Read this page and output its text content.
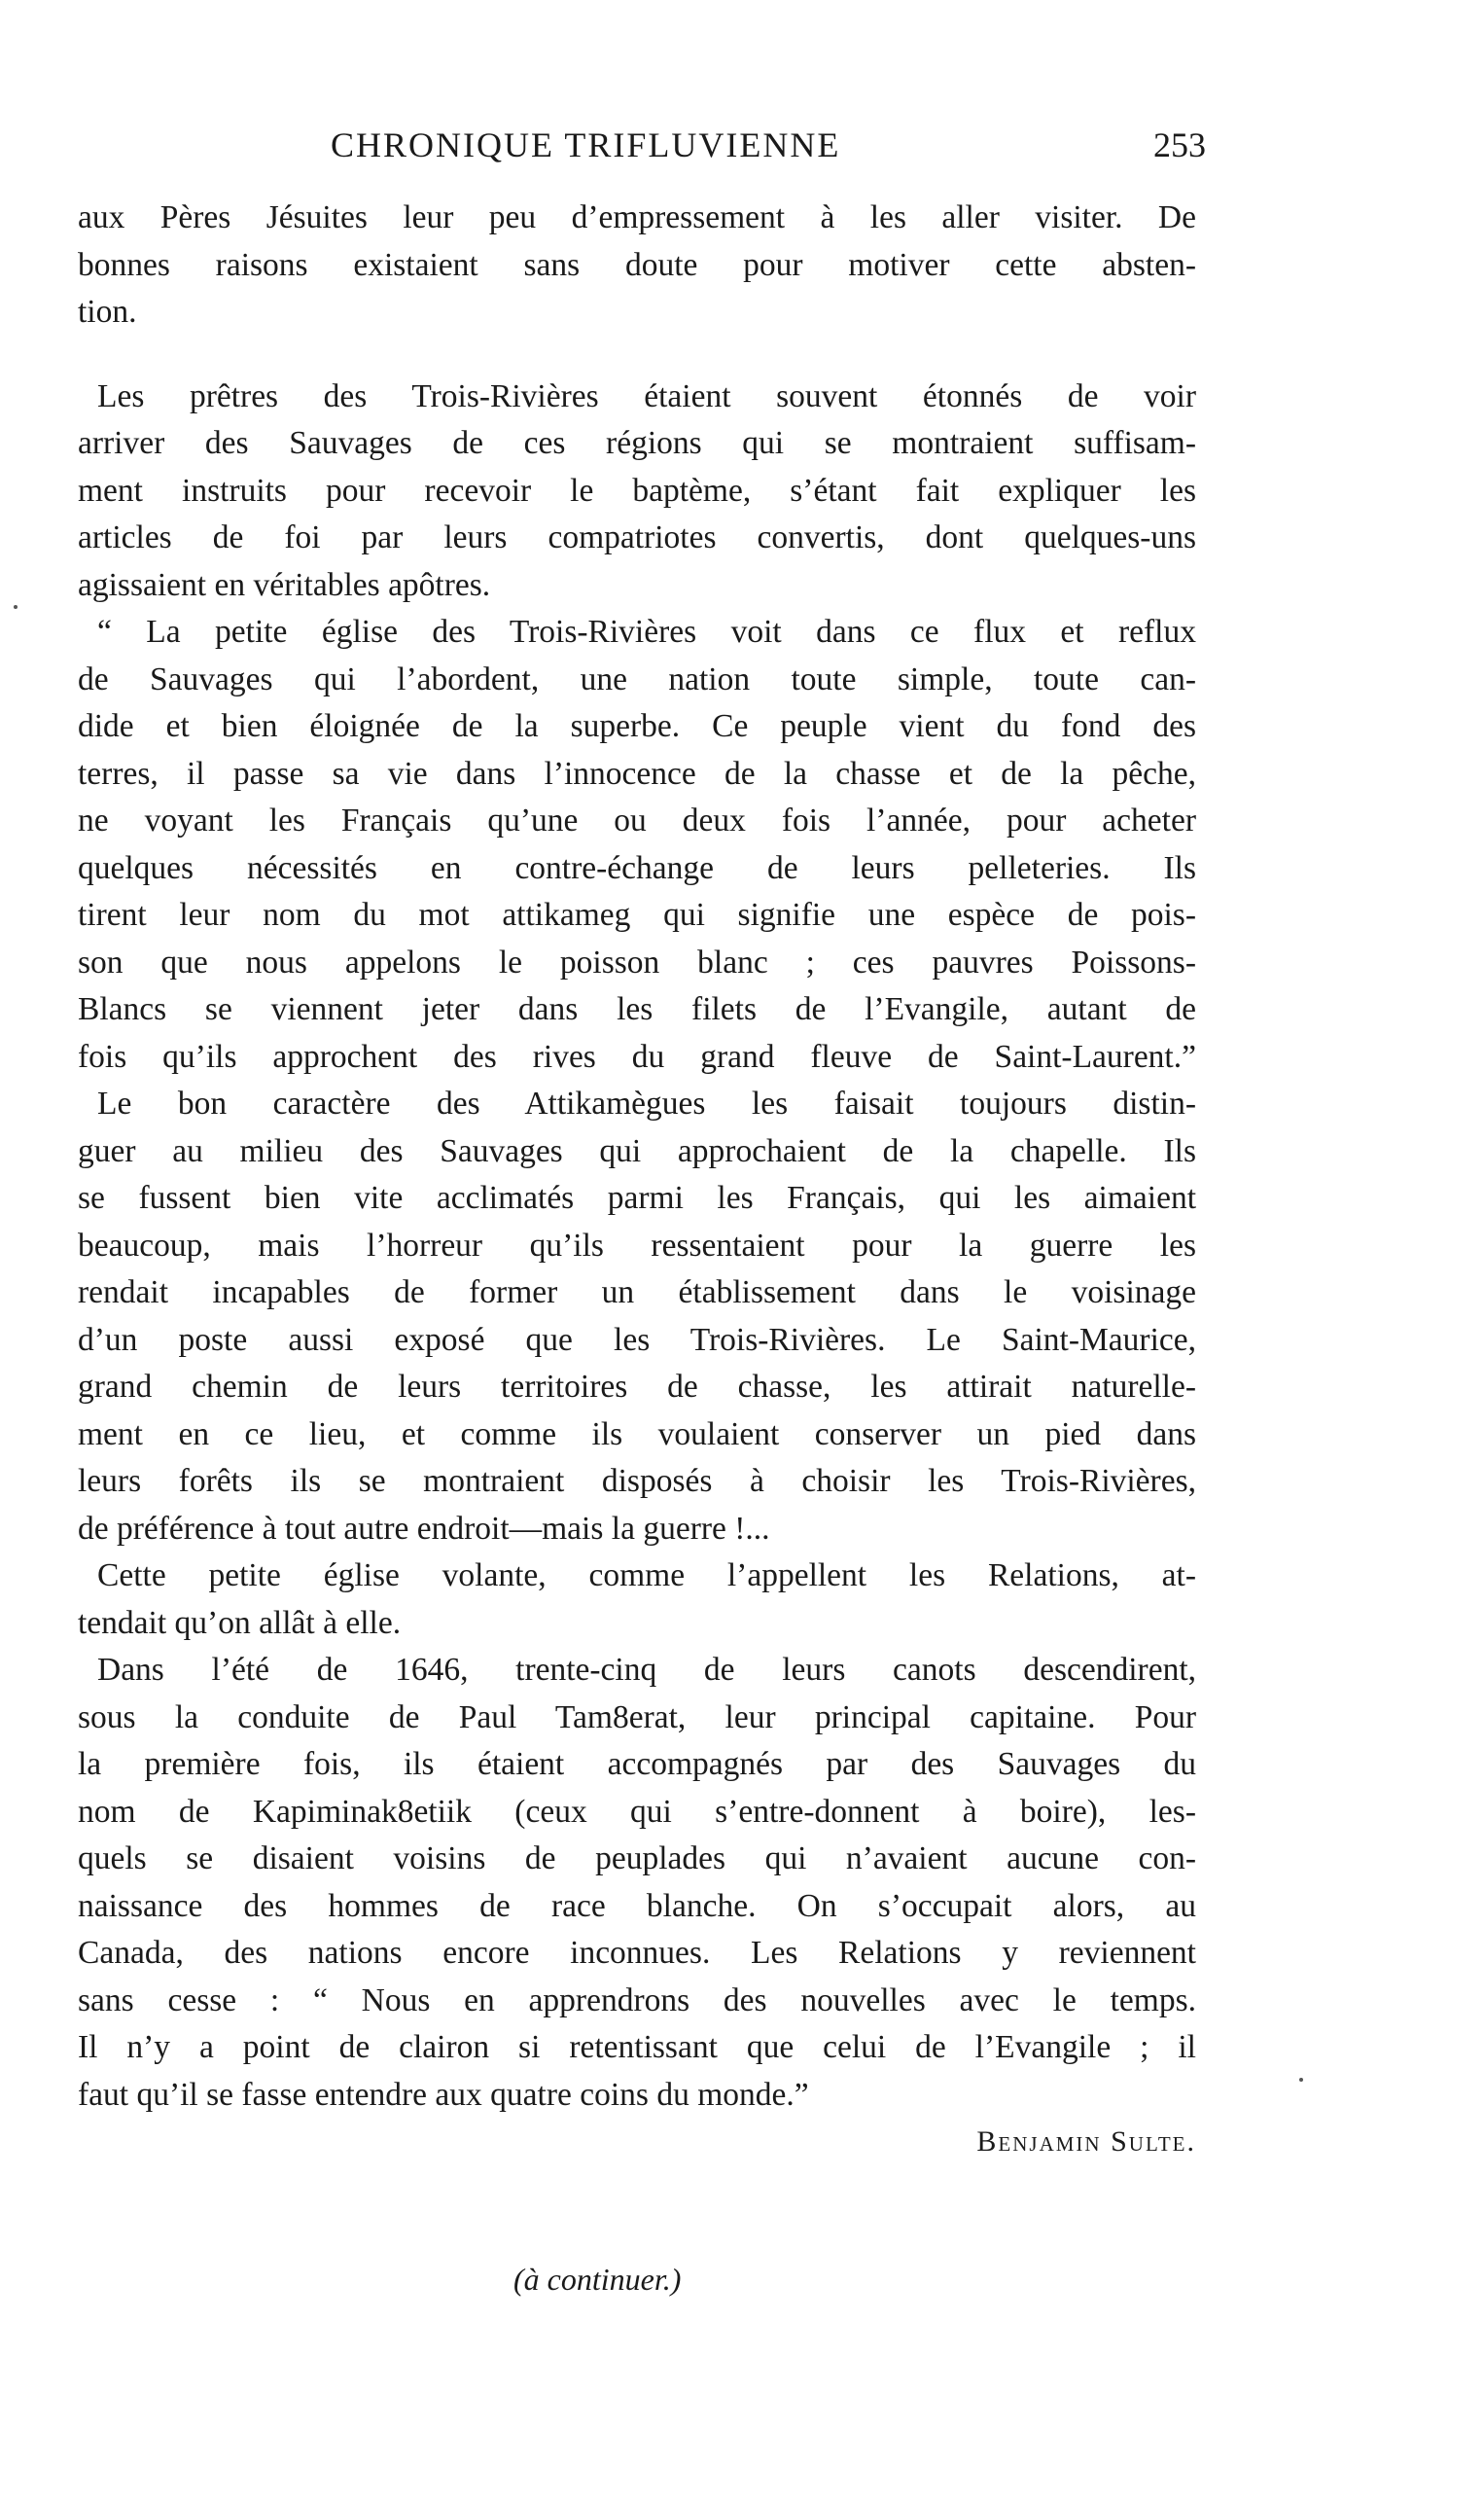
CHRONIQUE TRIFLUVIENNE	253
aux Pères Jésuites leur peu d’empressement à les aller visiter. De
bonnes raisons existaient sans doute pour motiver cette absten-
tion.
Les prêtres des Trois-Rivières étaient souvent étonnés de voir
arriver des Sauvages de ces régions qui se montraient suffisam-
ment instruits pour recevoir le baptème, s’étant fait expliquer les
articles de foi par leurs compatriotes convertis, dont quelques-uns
agissaient en véritables apôtres.
“ La petite église des Trois-Rivières voit dans ce flux et reflux
de Sauvages qui l’abordent, une nation toute simple, toute can-
dide et bien éloignée de la superbe. Ce peuple vient du fond des
terres, il passe sa vie dans l’innocence de la chasse et de la pêche,
ne voyant les Français qu’une ou deux fois l’année, pour acheter
quelques nécessités en contre-échange de leurs pelleteries. Ils
tirent leur nom du mot attikameg qui signifie une espèce de pois-
son que nous appelons le poisson blanc ; ces pauvres Poissons-
Blancs se viennent jeter dans les filets de l’Evangile, autant de
fois qu’ils approchent des rives du grand fleuve de Saint-Laurent.”
Le bon caractère des Attikamègues les faisait toujours distin-
guer au milieu des Sauvages qui approchaient de la chapelle. Ils
se fussent bien vite acclimatés parmi les Français, qui les aimaient
beaucoup, mais l’horreur qu’ils ressentaient pour la guerre les
rendait incapables de former un établissement dans le voisinage
d’un poste aussi exposé que les Trois-Rivières. Le Saint-Maurice,
grand chemin de leurs territoires de chasse, les attirait naturelle-
ment en ce lieu, et comme ils voulaient conserver un pied dans
leurs forêts ils se montraient disposés à choisir les Trois-Rivières,
de préférence à tout autre endroit—mais la guerre !...
Cette petite église volante, comme l’appellent les Relations, at-
tendait qu’on allât à elle.
Dans l’été de 1646, trente-cinq de leurs canots descendirent,
sous la conduite de Paul Tam8erat, leur principal capitaine. Pour
la première fois, ils étaient accompagnés par des Sauvages du
nom de Kapiminak8etiik (ceux qui s’entre-donnent à boire), les-
quels se disaient voisins de peuplades qui n’avaient aucune con-
naissance des hommes de race blanche. On s’occupait alors, au
Canada, des nations encore inconnues. Les Relations y reviennent
sans cesse : “ Nous en apprendrons des nouvelles avec le temps.
Il n’y a point de clairon si retentissant que celui de l’Evangile ; il
faut qu’il se fasse entendre aux quatre coins du monde.”
Benjamin Sulte.
(à continuer.)
